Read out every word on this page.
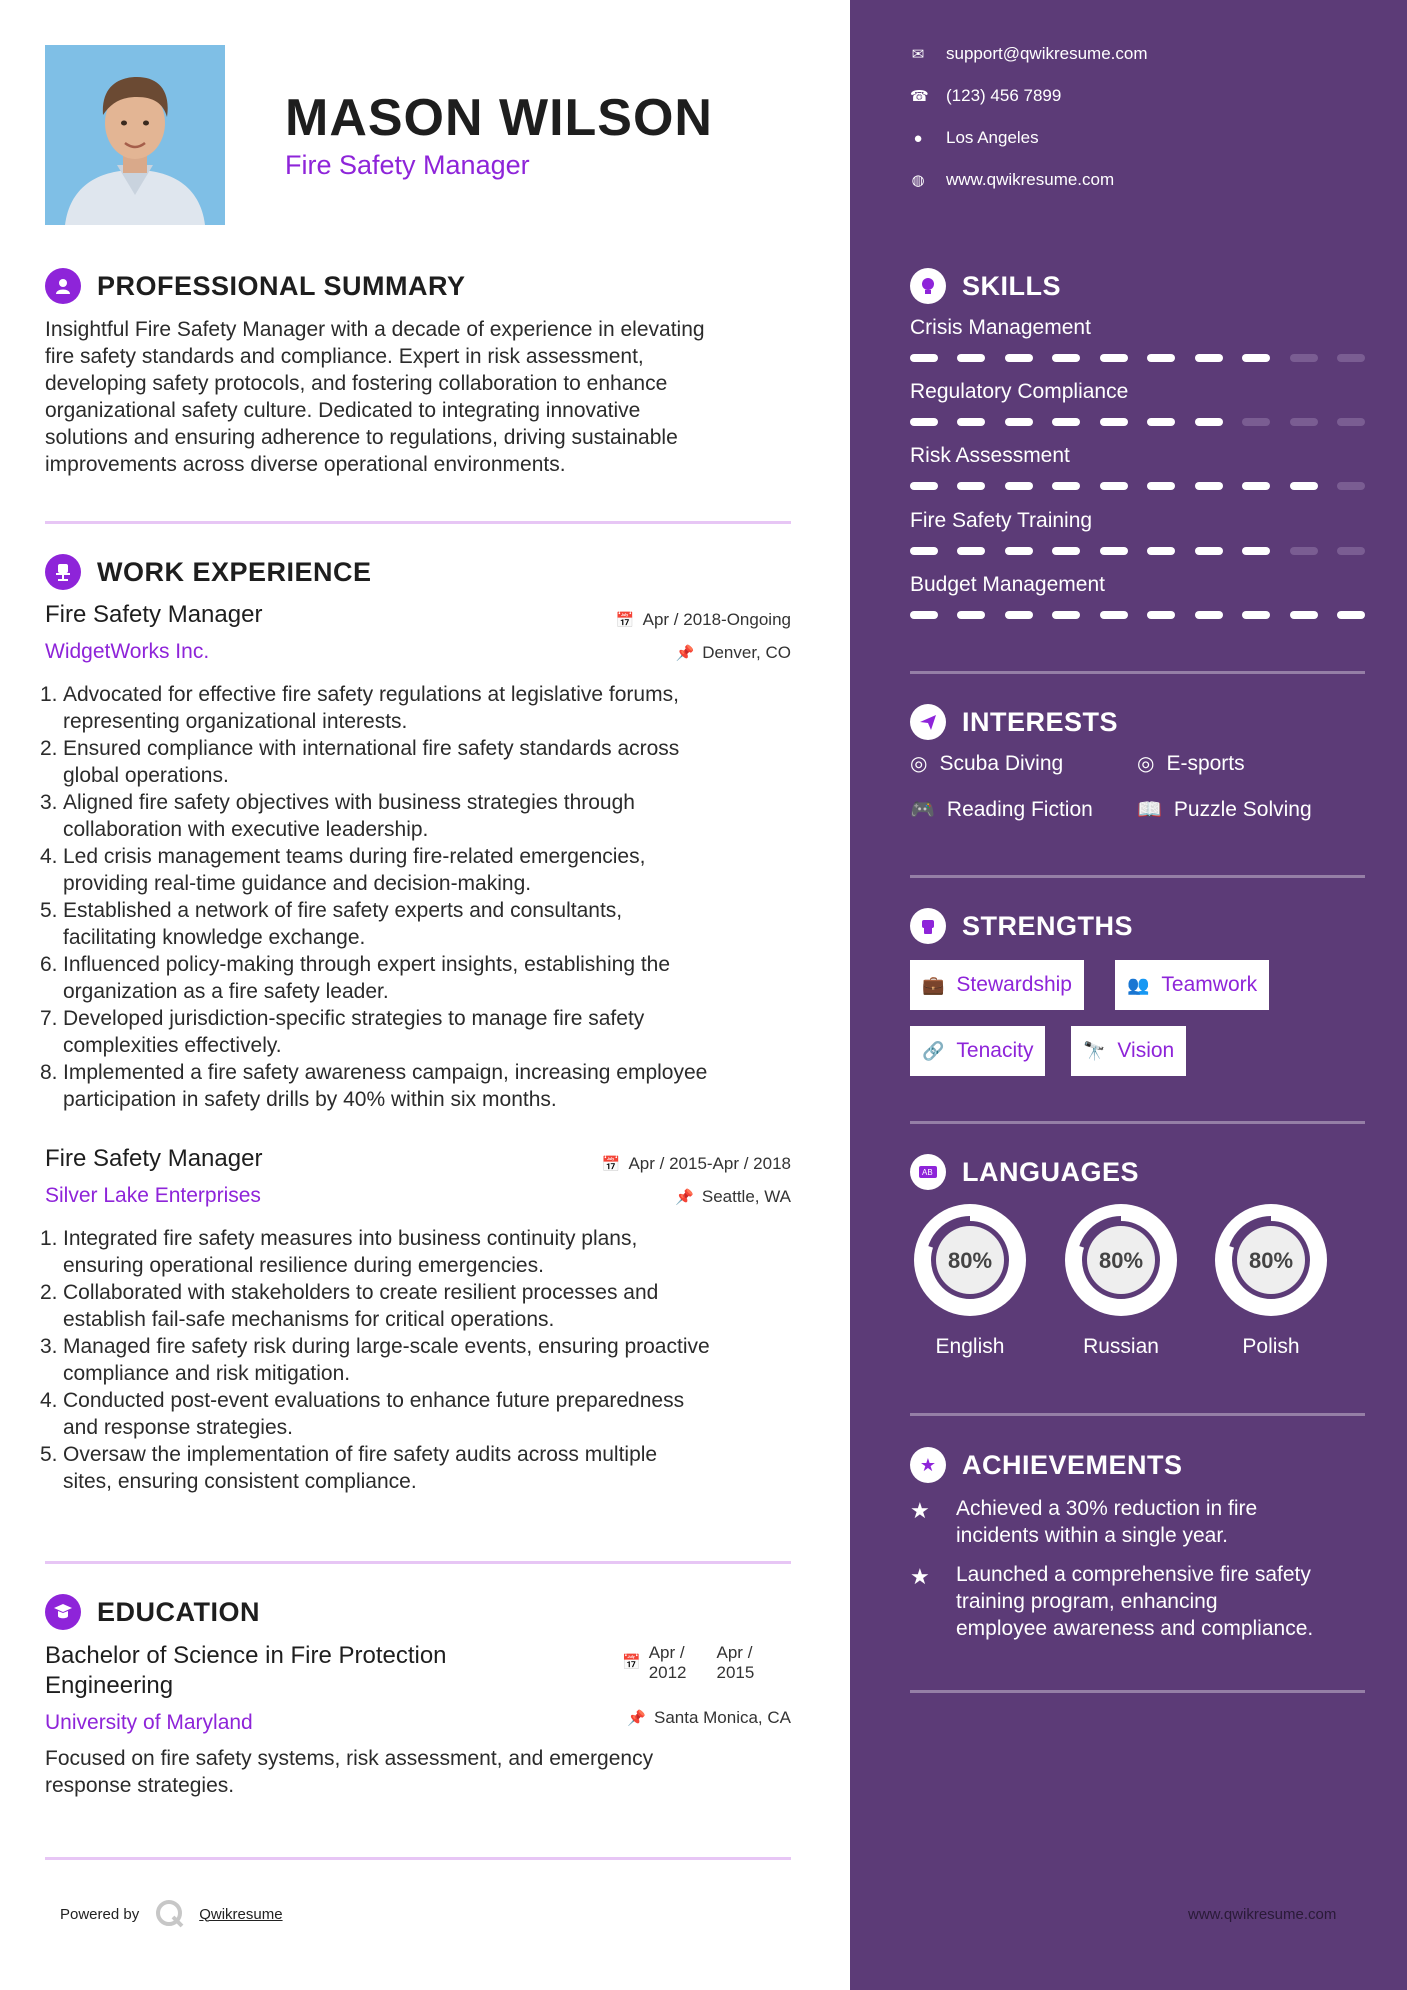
MASON WILSON
Fire Safety Manager
PROFESSIONAL SUMMARY
Insightful Fire Safety Manager with a decade of experience in elevating
fire safety standards and compliance. Expert in risk assessment,
developing safety protocols, and fostering collaboration to enhance
organizational safety culture. Dedicated to integrating innovative
solutions and ensuring adherence to regulations, driving sustainable
improvements across diverse operational environments.
WORK EXPERIENCE
Fire Safety Manager
WidgetWorks Inc.
📅 Apr / 2018-Ongoing
📌 Denver, CO
1. Advocated for effective fire safety regulations at legislative forums,
representing organizational interests.
2. Ensured compliance with international fire safety standards across
global operations.
3. Aligned fire safety objectives with business strategies through
collaboration with executive leadership.
4. Led crisis management teams during fire-related emergencies,
providing real-time guidance and decision-making.
5. Established a network of fire safety experts and consultants,
facilitating knowledge exchange.
6. Influenced policy-making through expert insights, establishing the
organization as a fire safety leader.
7. Developed jurisdiction-specific strategies to manage fire safety
complexities effectively.
8. Implemented a fire safety awareness campaign, increasing employee
participation in safety drills by 40% within six months.
Fire Safety Manager
Silver Lake Enterprises
📅 Apr / 2015-Apr / 2018
📌 Seattle, WA
1. Integrated fire safety measures into business continuity plans,
ensuring operational resilience during emergencies.
2. Collaborated with stakeholders to create resilient processes and
establish fail-safe mechanisms for critical operations.
3. Managed fire safety risk during large-scale events, ensuring proactive
compliance and risk mitigation.
4. Conducted post-event evaluations to enhance future preparedness
and response strategies.
5. Oversaw the implementation of fire safety audits across multiple
sites, ensuring consistent compliance.
EDUCATION
Bachelor of Science in Fire Protection
Engineering
University of Maryland
📅
Apr /
2012
Apr /
2015
📌 Santa Monica, CA
Focused on fire safety systems, risk assessment, and emergency
response strategies.
Powered by	Qwikresume
✉ support@qwikresume.com
☎ (123) 456 7899
● Los Angeles
◍ www.qwikresume.com
SKILLS
Crisis Management
Regulatory Compliance
Risk Assessment
Fire Safety Training
Budget Management
INTERESTS
◎ Scuba Diving	◎ E-sports
🎮 Reading Fiction 📖 Puzzle Solving
STRENGTHS
💼 Stewardship	👥 Teamwork
🔗 Tenacity	🔭 Vision
AB LANGUAGES
80%
English
80%
Russian
80%
Polish
★ ACHIEVEMENTS
★	Achieved a 30% reduction in fire
incidents within a single year.
★	Launched a comprehensive fire safety
training program, enhancing
employee awareness and compliance.
www.qwikresume.com
